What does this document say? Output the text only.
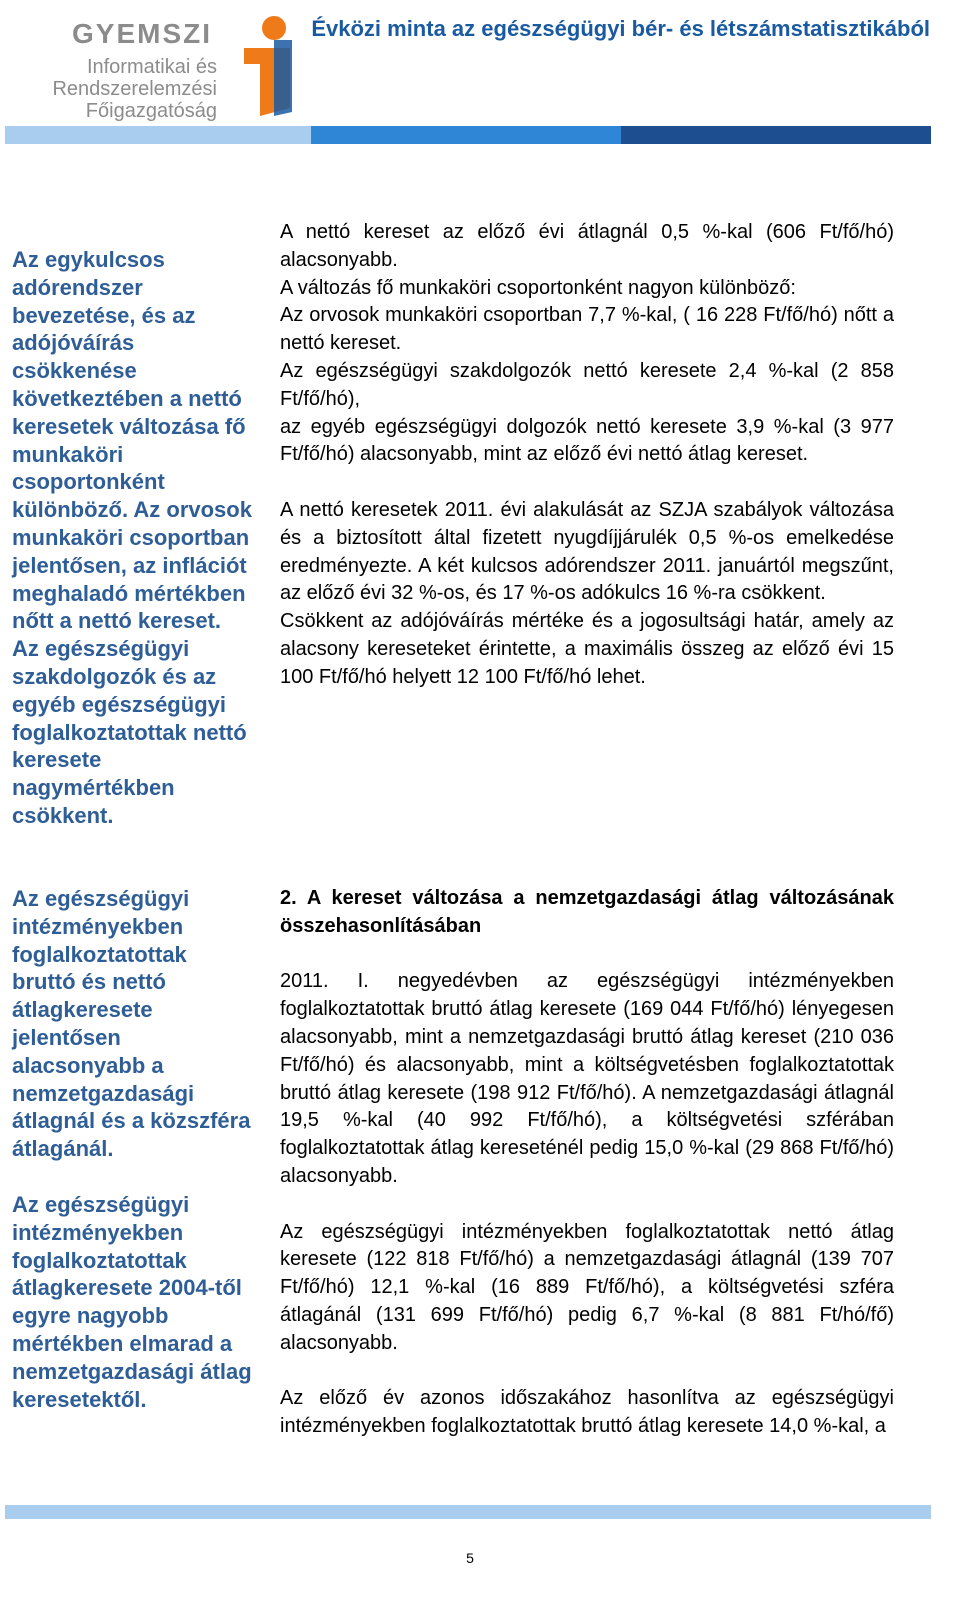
GYEMSZI
Informatikai és
Rendszerelemzési
Főigazgatóság
Évközi minta az egészségügyi bér- és létszámstatisztikából

Az egykulcsos adórendszer bevezetése, és az adójóváírás csökkenése következtében a nettó keresetek változása fő munkaköri csoportonként különböző. Az orvosok munkaköri csoportban jelentősen, az inflációt meghaladó mértékben nőtt a nettó kereset. Az egészségügyi szakdolgozók és az egyéb egészségügyi foglalkoztatottak nettó keresete nagymértékben csökkent.

Az egészségügyi intézményekben foglalkoztatottak bruttó és nettó átlagkeresete jelentősen alacsonyabb a nemzetgazdasági átlagnál és a közszféra átlagánál.

Az egészségügyi intézményekben foglalkoztatottak átlagkeresete 2004-től egyre nagyobb mértékben elmarad a nemzetgazdasági átlag keresetektől.

A nettó kereset az előző évi átlagnál 0,5 %-kal (606 Ft/fő/hó) alacsonyabb.

A változás fő munkaköri csoportonként nagyon különböző:

Az orvosok munkaköri csoportban 7,7 %-kal, ( 16 228 Ft/fő/hó) nőtt a nettó kereset.

Az egészségügyi szakdolgozók nettó keresete 2,4 %-kal (2 858 Ft/fő/hó),

az egyéb egészségügyi dolgozók nettó keresete 3,9 %-kal (3 977 Ft/fő/hó) alacsonyabb, mint az előző évi nettó átlag kereset.

A nettó keresetek 2011. évi alakulását az SZJA szabályok változása és a biztosított által fizetett nyugdíjjárulék 0,5 %-os emelkedése eredményezte. A két kulcsos adórendszer 2011. januártól megszűnt, az előző évi 32 %-os, és 17 %-os adókulcs 16 %-ra csökkent.

Csökkent az adójóváírás mértéke és a jogosultsági határ, amely az alacsony kereseteket érintette, a maximális összeg az előző évi 15 100 Ft/fő/hó helyett 12 100 Ft/fő/hó lehet.

2. A kereset változása a nemzetgazdasági átlag változásának összehasonlításában

2011. I. negyedévben az egészségügyi intézményekben foglalkoztatottak bruttó átlag keresete (169 044 Ft/fő/hó) lényegesen alacsonyabb, mint a nemzetgazdasági bruttó átlag kereset (210 036 Ft/fő/hó) és alacsonyabb, mint a költségvetésben foglalkoztatottak bruttó átlag keresete (198 912 Ft/fő/hó). A nemzetgazdasági átlagnál 19,5 %-kal (40 992 Ft/fő/hó), a költségvetési szférában foglalkoztatottak átlag keresetén​él pedig 15,0 %-kal (29 868 Ft/fő/hó) alacsonyabb.

Az egészségügyi intézményekben foglalkoztatottak nettó átlag keresete (122 818 Ft/fő/hó) a nemzetgazdasági átlagnál (139 707 Ft/fő/hó) 12,1 %-kal (16 889 Ft/fő/hó), a költségvetési szféra átlagánál (131 699 Ft/fő/hó) pedig 6,7 %-kal (8 881 Ft/hó/fő) alacsonyabb.

Az előző év azonos időszakához hasonlítva az egészségügyi intézményekben foglalkoztatottak bruttó átlag keresete 14,0 %-kal, a

5
